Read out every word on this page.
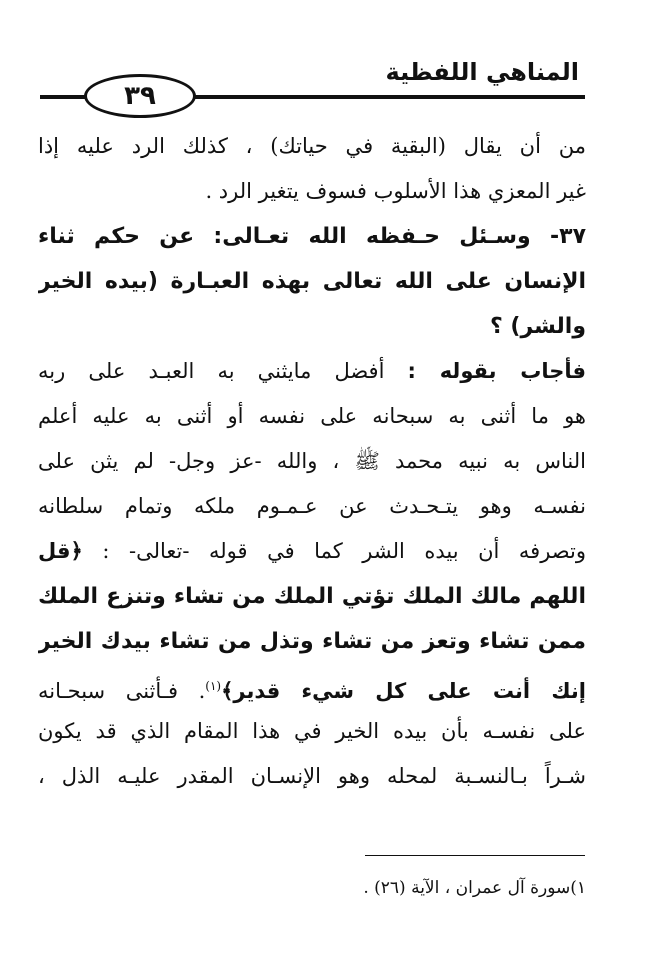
٣٩
المناهي اللفظية
من أن يقال (البقية في حياتك) ، كذلك الرد عليه إذا
غير المعزي هذا الأسلوب فسوف يتغير الرد .
٣٧- وسـئل حـفظه الله تعـالى: عن حكم ثناء
الإنسان على الله تعالى بهذه العبـارة (بيده الخير
والشر) ؟
فأجاب بقوله : أفضل مايثني به العبـد على ربه
هو ما أثنى به سبحانه على نفسه أو أثنى به عليه أعلم
الناس به نبيه محمد ﷺ ، والله -عز وجل- لم يثن على
نفسـه وهو يتـحـدث عن عـمـوم ملكه وتمام سلطانه
وتصرفه أن بيده الشر كما في قوله -تعالى- : ﴿قل
اللهم مالك الملك تؤتي الملك من تشاء وتنزع الملك
ممن تشاء وتعز من تشاء وتذل من تشاء بيدك الخير
إنك أنت على كل شيء قدير﴾$^{(١)}$. فـأثنى سبحـانه
على نفسـه بأن بيده الخير في هذا المقام الذي قد يكون
شـراً بـالنسـبة لمحله وهو الإنسـان المقدر عليـه الذل ،
١)سورة آل عمران ، الآية (٢٦) .
